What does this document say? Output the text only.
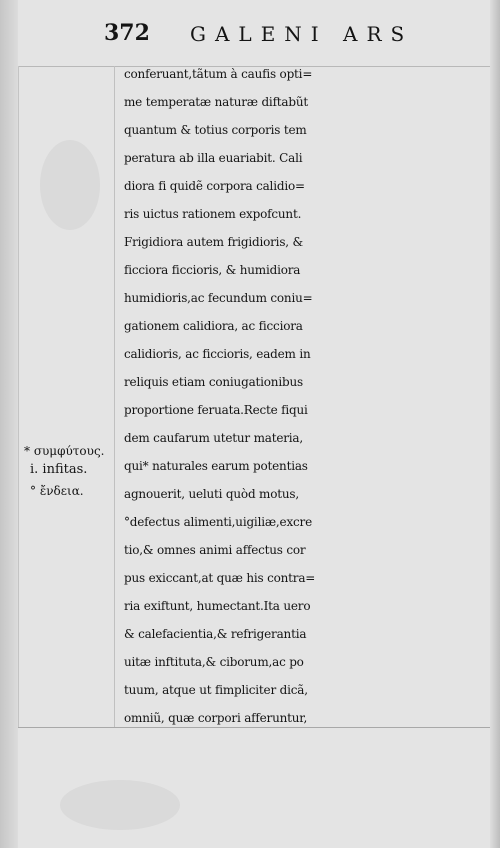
372 GALENI ARS
conferuant,tãtum à caufis opti=
me temperatæ naturæ diftabũt
quantum & totius corporis tem
peratura ab illa euariabit. Cali
diora fi quidẽ corpora calidio=
ris uictus rationem expofcunt.
Frigidiora autem frigidioris, &
ficciora ficcioris, & humidiora
humidioris,ac fecundum coniu=
gationem calidiora, ac ficciora
calidioris, ac ficcioris, eadem in
reliquis etiam coniugationibus
proportione feruata.Recte fiqui
dem caufarum utetur materia,
qui* naturales earum potentias
agnouerit, ueluti quòd motus,
°defectus alimenti,uigiliæ,excre
tio,& omnes animi affectus cor
pus exiccant,at quæ his contra=
ria exiftunt, humectant.Ita uero
& calefacientia,& refrigerantia
uitæ inftituta,& ciborum,ac po
tuum, atque ut fimpliciter dicã,
omniũ, quæ corpori afferuntur,
* συμφύτους.
i. infitas.
° ἔνδεια.
